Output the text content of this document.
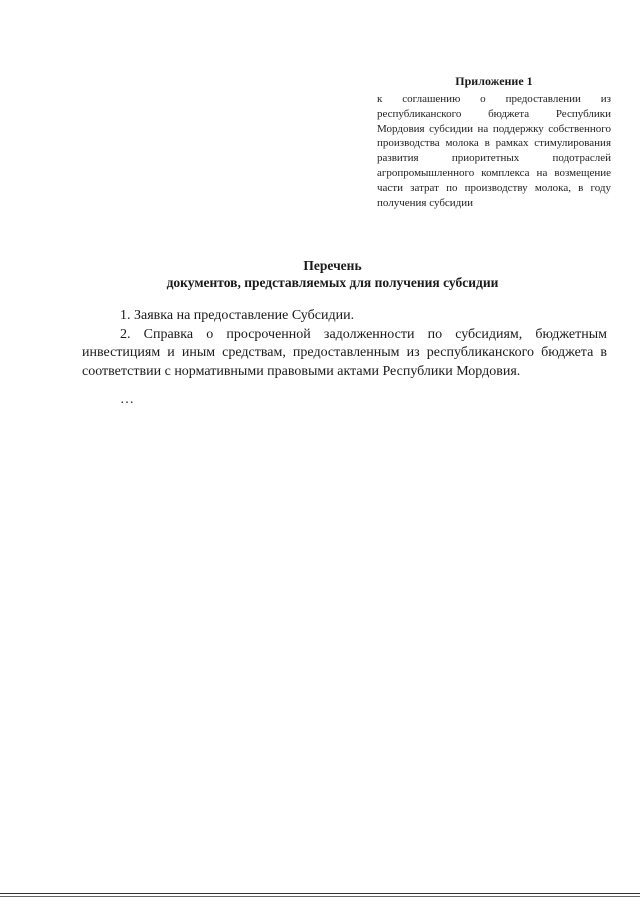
Приложение 1

к соглашению о предоставлении из республиканского бюджета Республики Мордовия субсидии на поддержку собственного производства молока в рамках стимулирования развития приоритетных подотраслей агропромышленного комплекса на возмещение части затрат по производству молока, в году получения субсидии

Перечень
документов, представляемых для получения субсидии

1. Заявка на предоставление Субсидии.

2. Справка о просроченной задолженности по субсидиям, бюджетным инвестициям и иным средствам, предоставленным из республиканского бюджета в соответствии с нормативными правовыми актами Республики Мордовия.

…
